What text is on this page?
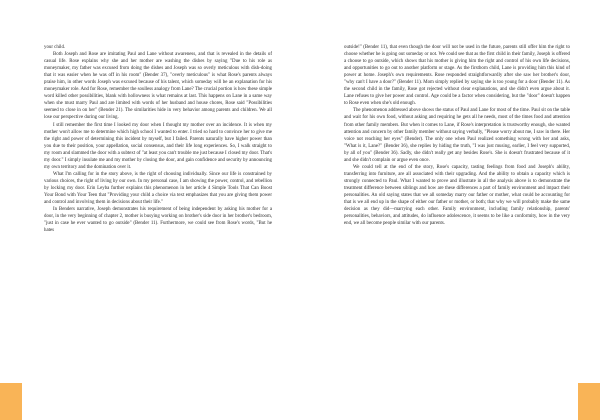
your child.

Both Joseph and Rose are imitating Paul and Lane without awareness, and that is revealed in the details of casual life. Rose explains why she and her mother are washing the dishes by saying "Due to his role as moneymaker, my father was excused from doing the dishes and Joseph was so overly meticulous with dish-doing that it was easier when he was off in his room" (Bender 37), "overly meticulous" is what Rose's parents always praise him, in other words Joseph was excused because of his talent, which someday will be an explanation for his moneymaker role. And for Rose, remember the soulless analogy from Lane? The crucial portion is how these simple word killed other possibilities, blank with hollowness is what remains at last. This happens on Lane in a same way when she must marry Paul and are limited with words of her husband and house chores, Rose said "Possibilities seemed to close in on her" (Bender 21). The similarities hide in very behavior among parents and children. We all lose our perspective during our living.

I still remember the first time I looked my door when I thought my mother over an incidence. It is when my mother won't allow me to determine which high school I wanted to enter. I tried so hard to convince her to give me the right and power of determining this incident by myself, but I failed. Parents naturally have higher power than you due to their position, your appellation, social consensus, and their life long experiences. So, I walk straight to my room and slammed the door with a subtext of "at least you can't trouble me just because I closed my door. That's my door." I simply insulate me and my mother by closing the door, and gain confidence and security by announcing my own territory and the domination over it.

What I'm calling for in the story above, is the right of choosing individually. Since our life is constrained by various choices, the right of living by our own. In my personal case, I am showing the power, control, and rebellion by locking my door. Erin Leyba further explains this phenomenon in her article 4 Simple Tools That Can Boost Your Bond with Your Teen that "Providing your child a choice via text emphasizes that you are giving them power and control and involving them in decisions about their life."

In Benders narrative, Joseph demonstrates his requirement of being independent by asking his mother for a door, in the very beginning of chapter 2, mother is busying working on brother's side door in her brother's bedroom, "just in case he ever wanted to go outside" (Bender 11). Furthermore, we could see from Rose's words, "But he hates

outside!" (Bender 11), that even though the door will not be used in the future, parents still offer him the right to choose whether he is going out someday or not. We could see that as the first child in their family, Joseph is offered a choose to go outside, which shows that his mother is giving him the right and control of his own life decisions, and opportunities to go out to another platform or stage. As the firstborn child, Lane is providing him this kind of power at home. Joseph's own requirements. Rose responded straightforwardly after she saw her brother's door, "why can't I have a door?" (Bender 11). Mom simply replied by saying she is too young for a door (Bender 11). As the second child in the family, Rose got rejected without clear explanations, and she didn't even argue about it. Lane refuses to give her power and control. Age could be a factor when considering, but the "door" doesn't happen to Rose even when she's old enough.

The phenomenon addressed above shows the status of Paul and Lane for most of the time. Paul sit on the table and wait for his own food, without asking and requiring he gets all he needs, most of the times food and attention from other family members. But when it comes to Lane, if Rose's interpretation is trustworthy enough, she wanted attention and concern by other family member without saying verbally, "Please worry about me, I saw in there. Her voice not reaching her eyes" (Bender). The only one when Paul realized something wrong with her and asks, "What is it, Lane?" (Bender 36), she replies by hiding the truth, "I was just musing, earlier, I feel very supported, by all of you" (Bender 36). Sadly, she didn't really get any besides Rose's. She is doesn't frustrated because of it and she didn't complain or argue even once.

We could tell at the end of the story, Rose's capacity, tasting feelings from food and Joseph's ability, transferring into furniture, are all associated with their upgrading. And the ability to obtain a capacity which is strongly connected to Paul. What I wanted to prove and illustrate in all the analysis above is to demonstrate the treatment difference between siblings and how are these differences a part of family environment and impact their personalities. An old saying states that we all someday marry our father or mother, what could be accounting for that is we all end up in the shape of either our father or mother, or both; that why we will probably make the same decision as they did—marrying each other. Family environment, including family relationship, parents' personalities, behaviors, and attitudes, do influence adolescence, it seems to be like a conformity, how in the very end, we all become people similar with our parents.
